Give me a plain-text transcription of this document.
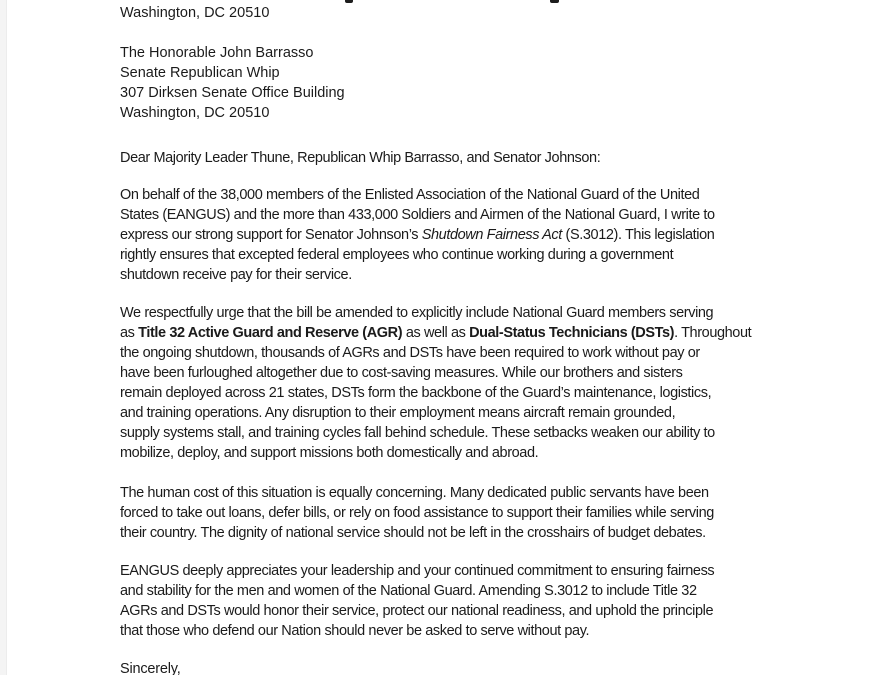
Washington, DC 20510
The Honorable John Barrasso
Senate Republican Whip
307 Dirksen Senate Office Building
Washington, DC 20510
Dear Majority Leader Thune, Republican Whip Barrasso, and Senator Johnson:
On behalf of the 38,000 members of the Enlisted Association of the National Guard of the United
States (EANGUS) and the more than 433,000 Soldiers and Airmen of the National Guard, I write to
express our strong support for Senator Johnson’s Shutdown Fairness Act (S.3012). This legislation
rightly ensures that excepted federal employees who continue working during a government
shutdown receive pay for their service.
We respectfully urge that the bill be amended to explicitly include National Guard members serving
as Title 32 Active Guard and Reserve (AGR) as well as Dual-Status Technicians (DSTs). Throughout
the ongoing shutdown, thousands of AGRs and DSTs have been required to work without pay or
have been furloughed altogether due to cost-saving measures. While our brothers and sisters
remain deployed across 21 states, DSTs form the backbone of the Guard’s maintenance, logistics,
and training operations. Any disruption to their employment means aircraft remain grounded,
supply systems stall, and training cycles fall behind schedule. These setbacks weaken our ability to
mobilize, deploy, and support missions both domestically and abroad.
The human cost of this situation is equally concerning. Many dedicated public servants have been
forced to take out loans, defer bills, or rely on food assistance to support their families while serving
their country. The dignity of national service should not be left in the crosshairs of budget debates.
EANGUS deeply appreciates your leadership and your continued commitment to ensuring fairness
and stability for the men and women of the National Guard. Amending S.3012 to include Title 32
AGRs and DSTs would honor their service, protect our national readiness, and uphold the principle
that those who defend our Nation should never be asked to serve without pay.
Sincerely,
